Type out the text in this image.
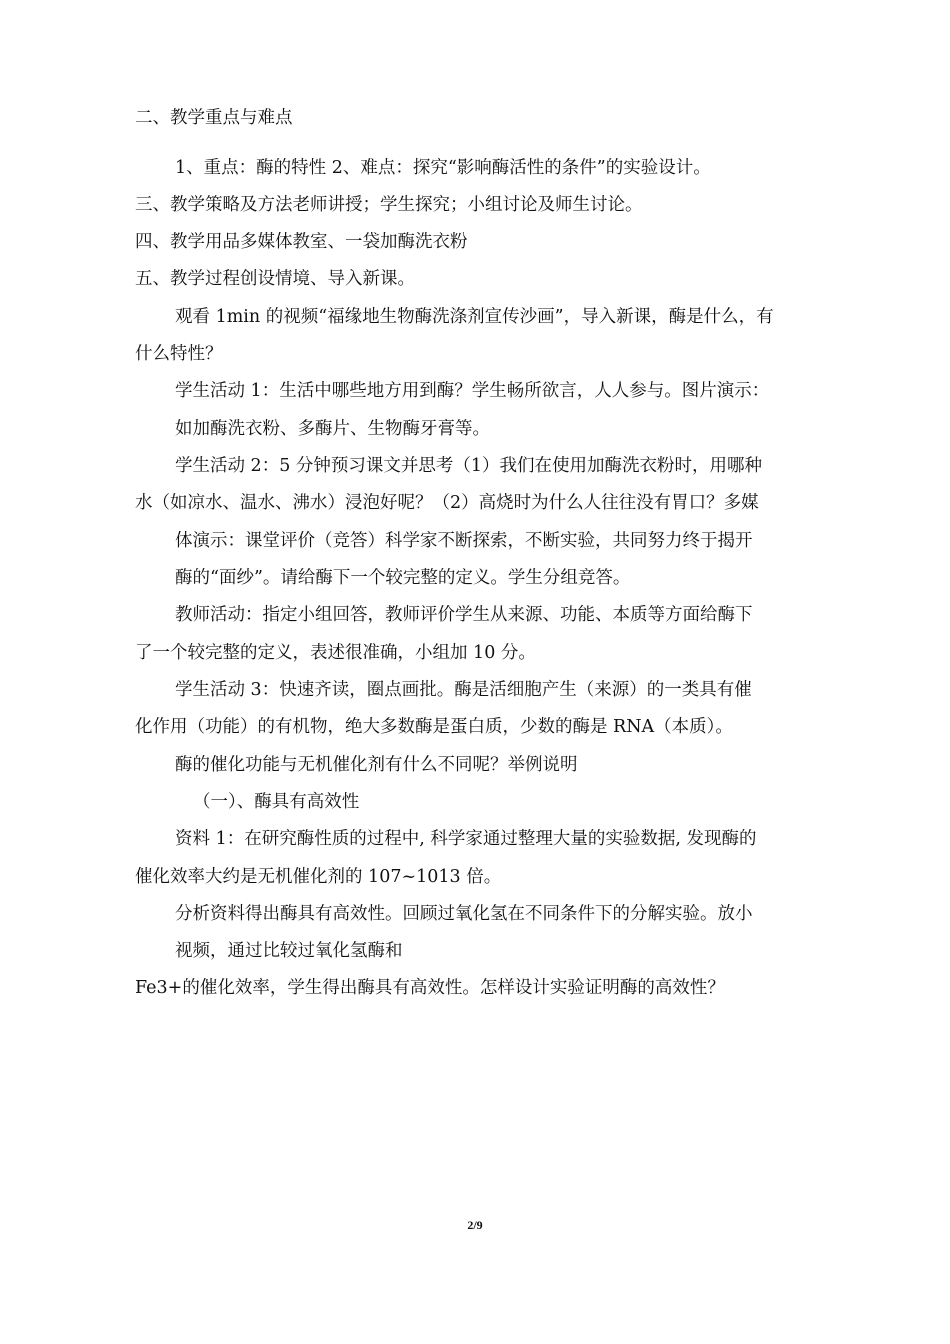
二、教学重点与难点
1、重点：酶的特性 2、难点：探究“影响酶活性的条件”的实验设计。
三、教学策略及方法老师讲授；学生探究；小组讨论及师生讨论。
四、教学用品多媒体教室、一袋加酶洗衣粉
五、教学过程创设情境、导入新课。
观看 1min 的视频“福缘地生物酶洗涤剂宣传沙画”，导入新课，酶是什么，有
什么特性？
学生活动 1：生活中哪些地方用到酶？学生畅所欲言，人人参与。图片演示：
如加酶洗衣粉、多酶片、生物酶牙膏等。
学生活动 2：5 分钟预习课文并思考（1）我们在使用加酶洗衣粉时，用哪种
水（如凉水、温水、沸水）浸泡好呢？（2）高烧时为什么人往往没有胃口？多媒
体演示：课堂评价（竞答）科学家不断探索，不断实验，共同努力终于揭开
酶的“面纱”。请给酶下一个较完整的定义。学生分组竞答。
教师活动：指定小组回答，教师评价学生从来源、功能、本质等方面给酶下
了一个较完整的定义，表述很准确，小组加 10 分。
学生活动 3：快速齐读，圈点画批。酶是活细胞产生（来源）的一类具有催
化作用（功能）的有机物，绝大多数酶是蛋白质，少数的酶是 RNA（本质）。
酶的催化功能与无机催化剂有什么不同呢？举例说明
（一）、酶具有高效性
资料 1：在研究酶性质的过程中, 科学家通过整理大量的实验数据, 发现酶的
催化效率大约是无机催化剂的 107~1013 倍。
分析资料得出酶具有高效性。回顾过氧化氢在不同条件下的分解实验。放小
视频，通过比较过氧化氢酶和
Fe3+的催化效率，学生得出酶具有高效性。怎样设计实验证明酶的高效性？
2/9
